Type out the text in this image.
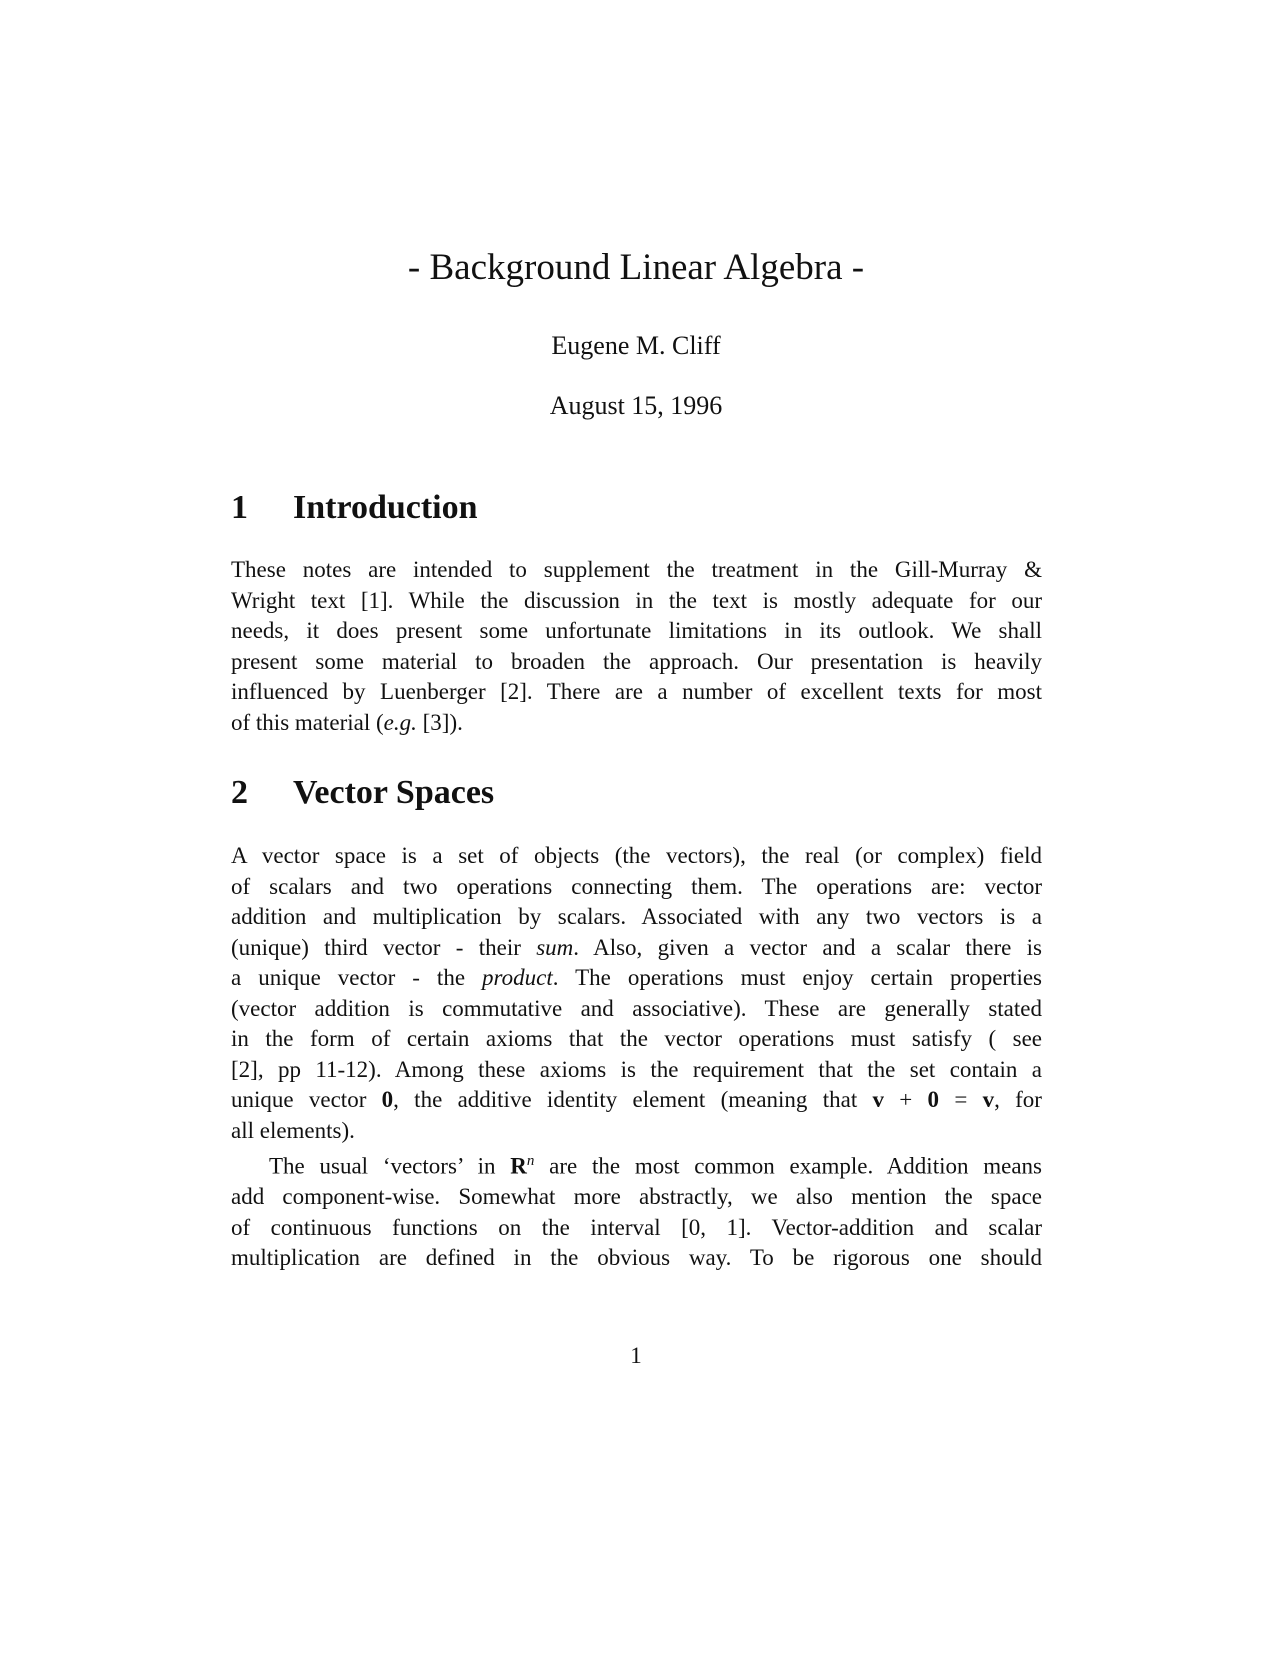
- Background Linear Algebra -
Eugene M. Cliff
August 15, 1996
1 Introduction
These notes are intended to supplement the treatment in the Gill-Murray &
Wright text [1]. While the discussion in the text is mostly adequate for our
needs, it does present some unfortunate limitations in its outlook. We shall
present some material to broaden the approach. Our presentation is heavily
influenced by Luenberger [2]. There are a number of excellent texts for most
of this material (e.g. [3]).
2 Vector Spaces
A vector space is a set of objects (the vectors), the real (or complex) field
of scalars and two operations connecting them. The operations are: vector
addition and multiplication by scalars. Associated with any two vectors is a
(unique) third vector - their sum. Also, given a vector and a scalar there is
a unique vector - the product. The operations must enjoy certain properties
(vector addition is commutative and associative). These are generally stated
in the form of certain axioms that the vector operations must satisfy ( see
[2], pp 11-12). Among these axioms is the requirement that the set contain a
unique vector 0, the additive identity element (meaning that v + 0 = v, for
all elements).
The usual ‘vectors’ in $R^n$ are the most common example. Addition means
add component-wise. Somewhat more abstractly, we also mention the space
of continuous functions on the interval [0, 1]. Vector-addition and scalar
multiplication are defined in the obvious way. To be rigorous one should
1
